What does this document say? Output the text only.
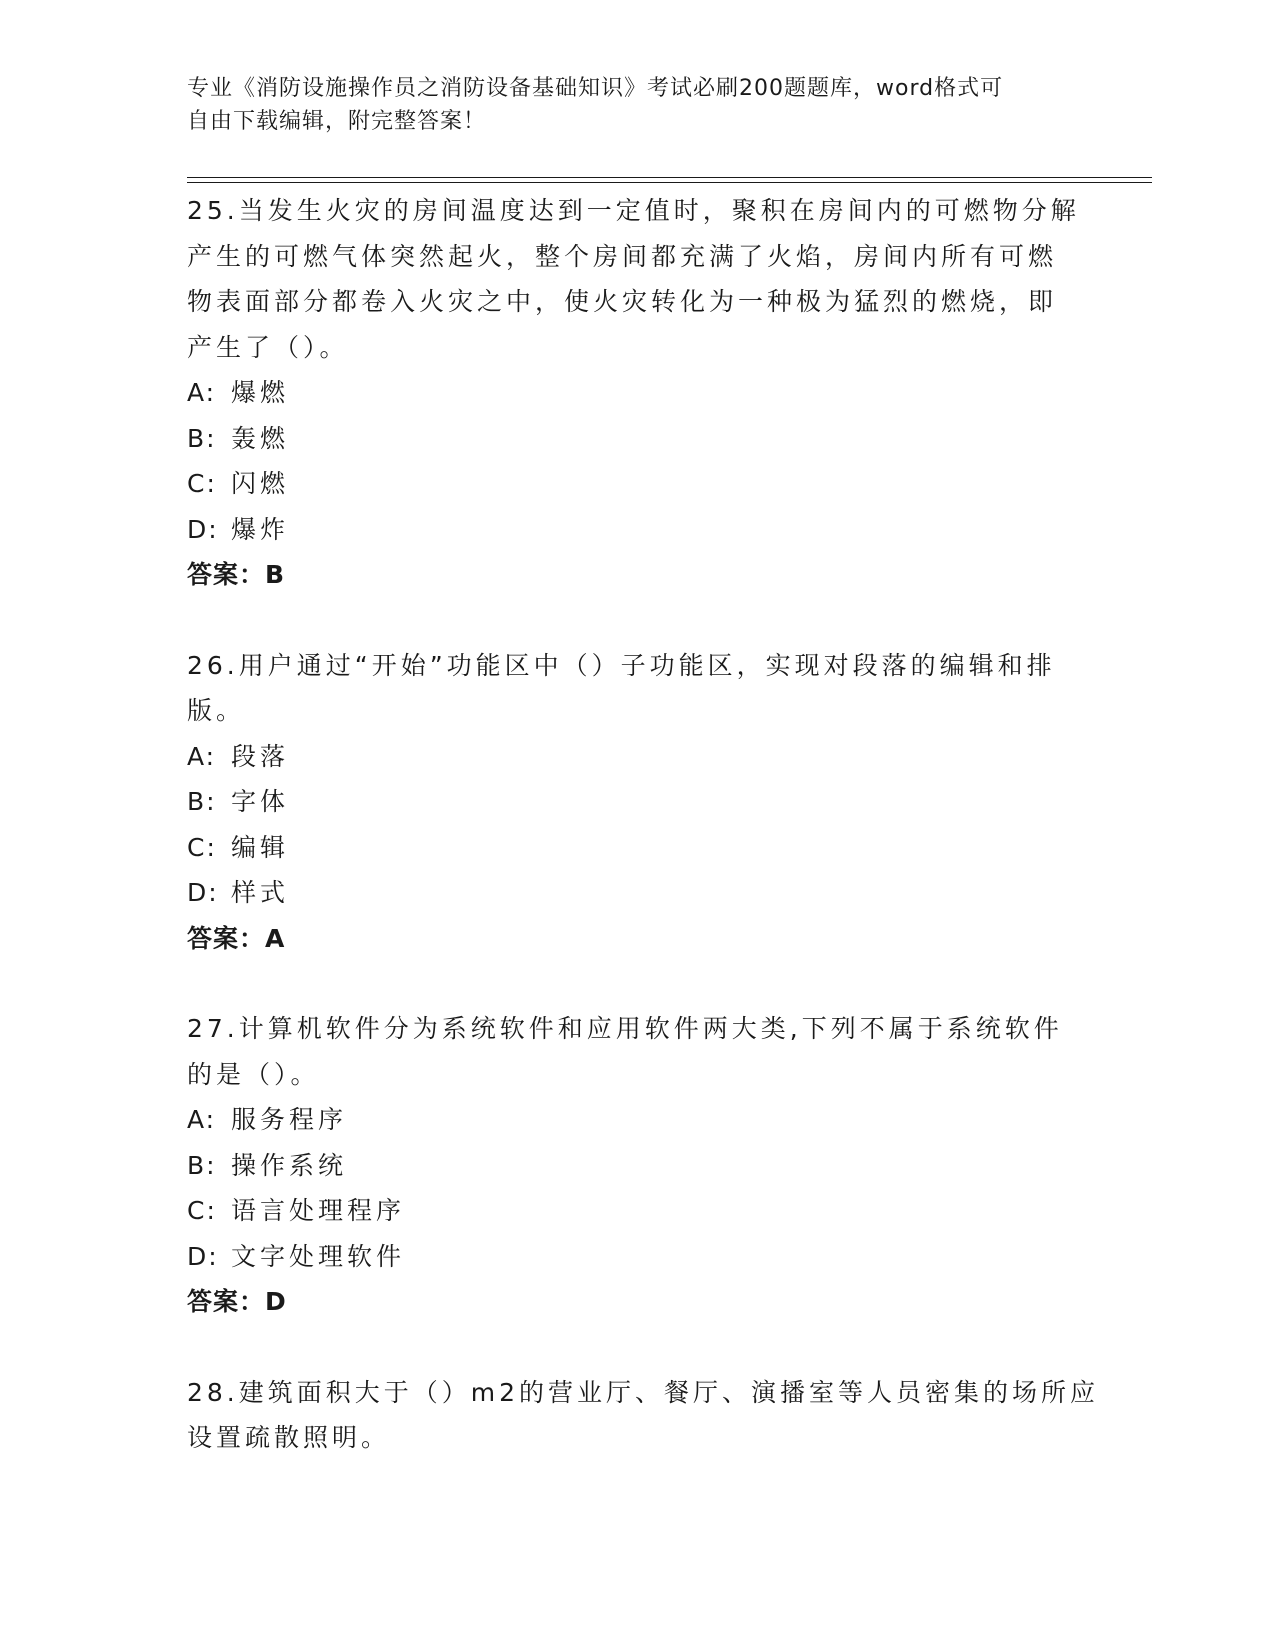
专业《消防设施操作员之消防设备基础知识》考试必刷200题题库，word格式可
自由下载编辑，附完整答案！
25.当发生火灾的房间温度达到一定值时，聚积在房间内的可燃物分解
产生的可燃气体突然起火，整个房间都充满了火焰，房间内所有可燃
物表面部分都卷入火灾之中，使火灾转化为一种极为猛烈的燃烧，即
产生了（）。
A: 爆燃
B: 轰燃
C: 闪燃
D: 爆炸
答案：B
26.用户通过“开始”功能区中（）子功能区，实现对段落的编辑和排
版。
A: 段落
B: 字体
C: 编辑
D: 样式
答案：A
27.计算机软件分为系统软件和应用软件两大类,下列不属于系统软件
的是（）。
A: 服务程序
B: 操作系统
C: 语言处理程序
D: 文字处理软件
答案：D
28.建筑面积大于（）m2的营业厅、餐厅、演播室等人员密集的场所应
设置疏散照明。
